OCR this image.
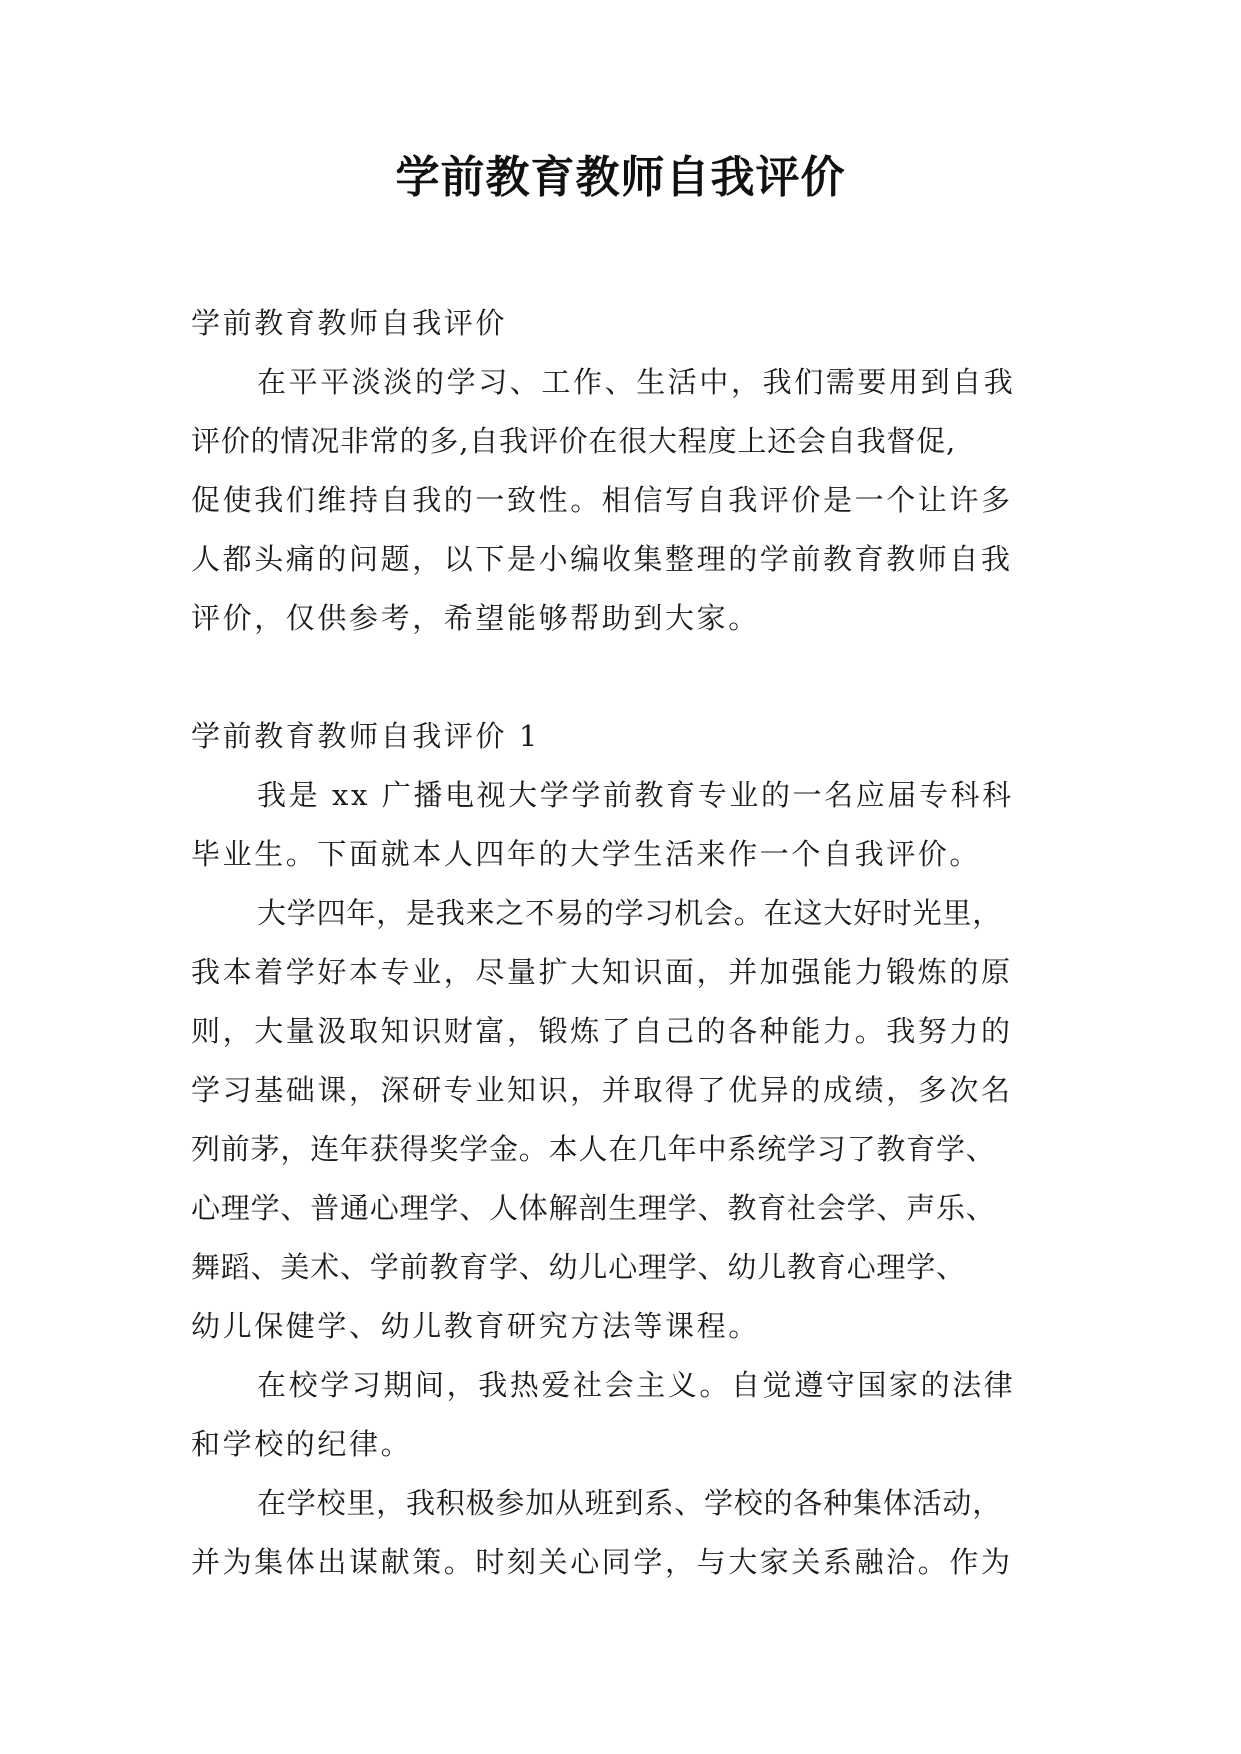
学前教育教师自我评价
学前教育教师自我评价
在平平淡淡的学习、工作、生活中，我们需要用到自我
评价的情况非常的多,自我评价在很大程度上还会自我督促,
促使我们维持自我的一致性。相信写自我评价是一个让许多
人都头痛的问题，以下是小编收集整理的学前教育教师自我
评价，仅供参考，希望能够帮助到大家。
学前教育教师自我评价 1
我是 xx 广播电视大学学前教育专业的一名应届专科科
毕业生。下面就本人四年的大学生活来作一个自我评价。
大学四年，是我来之不易的学习机会。在这大好时光里，
我本着学好本专业，尽量扩大知识面，并加强能力锻炼的原
则，大量汲取知识财富，锻炼了自己的各种能力。我努力的
学习基础课，深研专业知识，并取得了优异的成绩，多次名
列前茅，连年获得奖学金。本人在几年中系统学习了教育学、
心理学、普通心理学、人体解剖生理学、教育社会学、声乐、
舞蹈、美术、学前教育学、幼儿心理学、幼儿教育心理学、
幼儿保健学、幼儿教育研究方法等课程。
在校学习期间，我热爱社会主义。自觉遵守国家的法律
和学校的纪律。
在学校里，我积极参加从班到系、学校的各种集体活动，
并为集体出谋献策。时刻关心同学，与大家关系融洽。作为
